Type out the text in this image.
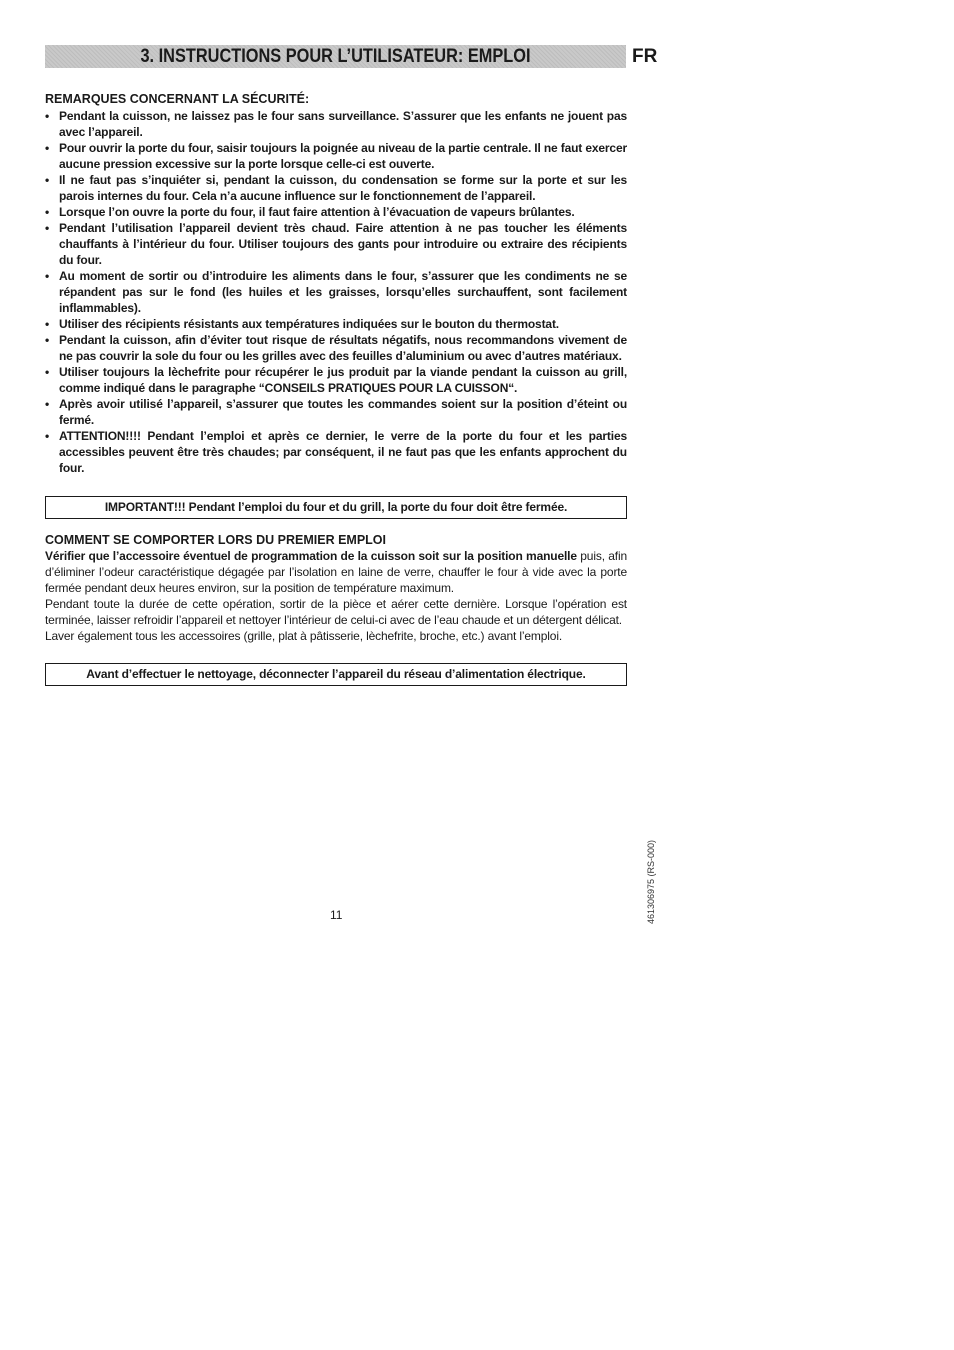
3. INSTRUCTIONS POUR L’UTILISATEUR: EMPLOI	FR
REMARQUES CONCERNANT LA SÉCURITÉ:
• Pendant la cuisson, ne laissez pas le four sans surveillance. S’assurer que les enfants ne jouent pas avec l’appareil.
• Pour ouvrir la porte du four, saisir toujours la poignée au niveau de la partie centrale. Il ne faut exercer aucune pression excessive sur la porte lorsque celle-ci est ouverte.
• Il ne faut pas s’inquiéter si, pendant la cuisson, du condensation se forme sur la porte et sur les parois internes du four. Cela n’a aucune influence sur le fonctionnement de l’appareil.
• Lorsque l’on ouvre la porte du four, il faut faire attention à l’évacuation de vapeurs brûlantes.
• Pendant l’utilisation l’appareil devient très chaud. Faire attention à ne pas toucher les éléments chauffants à l’intérieur du four. Utiliser toujours des gants pour introduire ou extraire des récipients du four.
• Au moment de sortir ou d’introduire les aliments dans le four, s’assurer que les condiments ne se répandent pas sur le fond (les huiles et les graisses, lorsqu’elles surchauffent, sont facilement inflammables).
• Utiliser des récipients résistants aux températures indiquées sur le bouton du thermostat.
• Pendant la cuisson, afin d’éviter tout risque de résultats négatifs, nous recommandons vivement de ne pas couvrir la sole du four ou les grilles avec des feuilles d’aluminium ou avec d’autres matériaux.
• Utiliser toujours la lèchefrite pour récupérer le jus produit par la viande pendant la cuisson au grill, comme indiqué dans le paragraphe “CONSEILS PRATIQUES POUR LA CUISSON“.
• Après avoir utilisé l’appareil, s’assurer que toutes les commandes soient sur la position d’éteint ou fermé.
• ATTENTION!!!! Pendant l’emploi et après ce dernier, le verre de la porte du four et les parties accessibles peuvent être très chaudes; par conséquent, il ne faut pas que les enfants approchent du four.
IMPORTANT!!! Pendant l’emploi du four et du grill, la porte du four doit être fermée.
COMMENT SE COMPORTER LORS DU PREMIER EMPLOI

Vérifier que l’accessoire éventuel de programmation de la cuisson soit sur la position manuelle puis, afin d’éliminer l’odeur caractéristique dégagée par l’isolation en laine de verre, chauffer le four à vide avec la porte fermée pendant deux heures environ, sur la position de température maximum.

Pendant toute la durée de cette opération, sortir de la pièce et aérer cette dernière. Lorsque l’opération est terminée, laisser refroidir l’appareil et nettoyer l’intérieur de celui-ci avec de l’eau chaude et un détergent délicat.

Laver également tous les accessoires (grille, plat à pâtisserie, lèchefrite, broche, etc.) avant l’emploi.

Avant d’effectuer le nettoyage, déconnecter l’appareil du réseau d’alimentation électrique.
11	461306975 (RS-000)
